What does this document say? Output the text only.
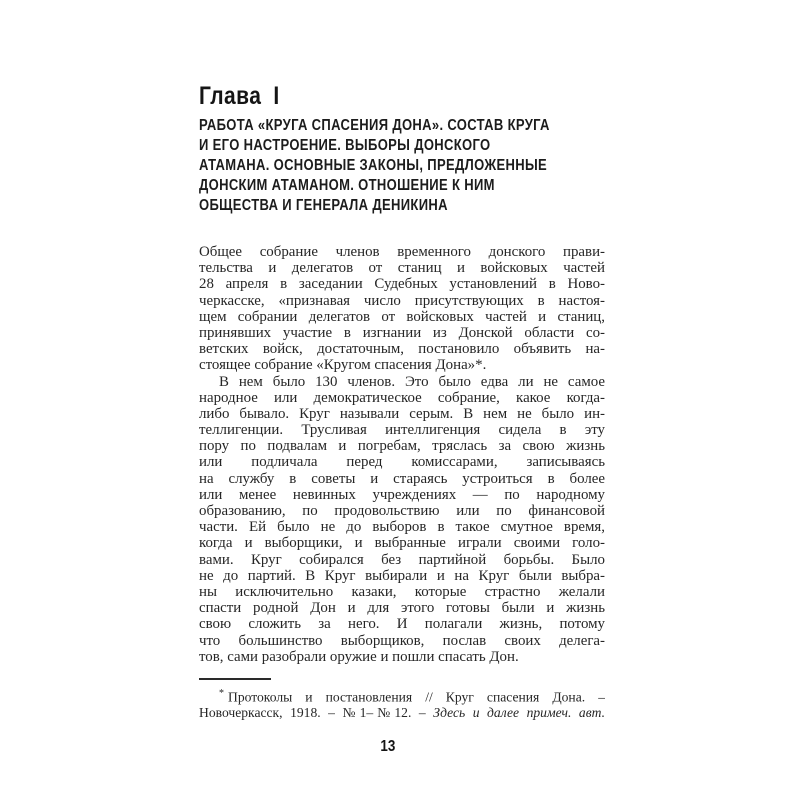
Глава I
РАБОТА «КРУГА СПАСЕНИЯ ДОНА». СОСТАВ КРУГА
И ЕГО НАСТРОЕНИЕ. ВЫБОРЫ ДОНСКОГО
АТАМАНА. ОСНОВНЫЕ ЗАКОНЫ, ПРЕДЛОЖЕННЫЕ
ДОНСКИМ АТАМАНОМ. ОТНОШЕНИЕ К НИМ
ОБЩЕСТВА И ГЕНЕРАЛА ДЕНИКИНА
Общее собрание членов временного донского прави-
тельства и делегатов от станиц и войсковых частей
28 апреля в заседании Судебных установлений в Ново-
черкасске, «признавая число присутствующих в настоя-
щем собрании делегатов от войсковых частей и станиц,
принявших участие в изгнании из Донской области со-
ветских войск, достаточным, постановило объявить на-
стоящее собрание «Кругом спасения Дона»*.
В нем было 130 членов. Это было едва ли не самое
народное или демократическое собрание, какое когда-
либо бывало. Круг называли серым. В нем не было ин-
теллигенции. Трусливая интеллигенция сидела в эту
пору по подвалам и погребам, тряслась за свою жизнь
или подличала перед комиссарами, записываясь
на службу в советы и стараясь устроиться в более
или менее невинных учреждениях — по народному
образованию, по продовольствию или по финансовой
части. Ей было не до выборов в такое смутное время,
когда и выборщики, и выбранные играли своими голо-
вами. Круг собирался без партийной борьбы. Было
не до партий. В Круг выбирали и на Круг были выбра-
ны исключительно казаки, которые страстно желали
спасти родной Дон и для этого готовы были и жизнь
свою сложить за него. И полагали жизнь, потому
что большинство выборщиков, послав своих делега-
тов, сами разобрали оружие и пошли спасать Дон.
* Протоколы и постановления // Круг спасения Дона. –
Новочеркасск, 1918. – №1–№12. – Здесь и далее примеч. авт.
13
